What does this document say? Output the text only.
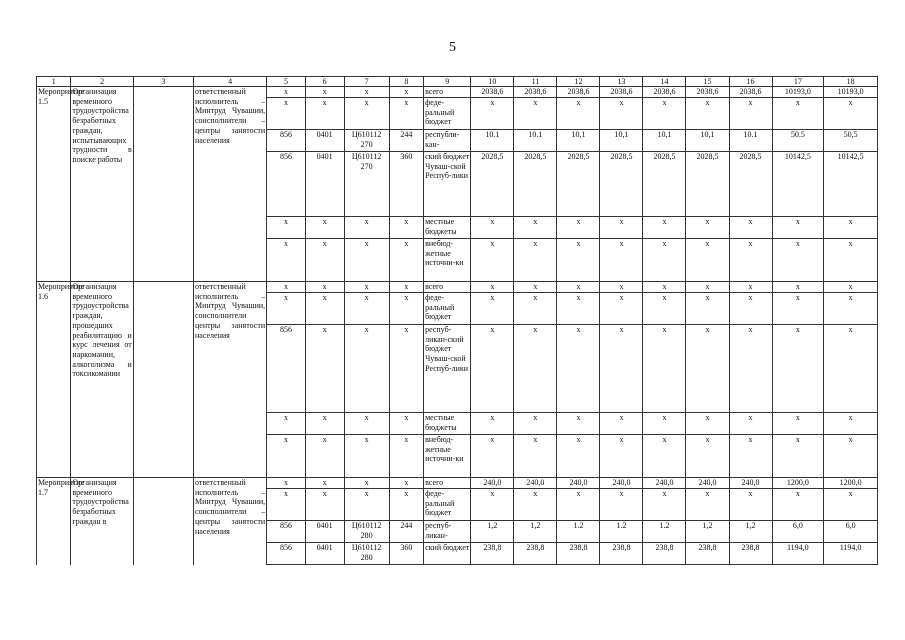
5
1	2	3	4	5	6	7	8	9	10	11	12	13	14	15	16	17	18
Мероприятие 1.5	Организация временного трудоустройства безработных граждан, испытывающих трудности в поиске работы		ответственный исполнитель – Минтруд Чувашии, соисполнители – центры занятости населения	x	x	x	x	всего	2038,6	2038,6	2038,6	2038,6	2038,6	2038,6	2038,6	10193,0	10193,0
				x	x	x	x	феде-ральный бюджет	x	x	x	x	x	x	x	x	x
				856	0401	Ц610112 270	244	республи-кан-	10.1	10.1	10,1	10,1	10,1	10,1	10.1	50.5	50,5
				856	0401	Ц610112 270	360	ский бюджет Чуваш-ской Респуб-лики	2028,5	2028,5	2028,5	2028,5	2028,5	2028,5	2028,5	10142,5	10142,5
				x	x	x	x	местные бюджеты	x	x	x	x	x	x	x	x	x
				x	x	x	x	внебюд-жетные источни-ки	x	x	x	x	x	x	x	x	x
Мероприятие 1.6	Организация временного трудоустройства граждан, прошедших реабилитацию и курс лечения от наркомании, алкоголизма и токсикомании		ответственный исполнитель – Минтруд Чувашии, соисполнители центры занятости населения	x	x	x	x	всего	x	x	x	x	x	x	x	x	x
				x	x	x	x	феде-ральный бюджет	x	x	x	x	x	x	x	x	x
				856	x	x	x	респуб-ликан-ский бюджет Чуваш-ской Респуб-лики	x	x	x	x	x	x	x	x	x
				x	x	x	x	местные бюджеты	x	x	x	x	x	x	x	x	x
				x	x	x	x	внебюд-жетные источни-ки	x	x	x	x	x	x	x	x	x
Мероприятие 1.7	Организация временного трудоустройства безработных граждан в		ответственный исполнитель – Минтруд Чувашии, соисполнители – центры занятости населения	x	x	x	x	всего	240,0	240,0	240,0	240,0	240,0	240,0	240,0	1200,0	1200,0
				x	x	x	x	феде-ральный бюджет	x	x	x	x	x	x	x	x	x
				856	0401	Ц610112 280	244	респуб-ликан-	1,2	1,2	1.2	1.2	1.2	1,2	1,2	6,0	6,0
				856	0401	Ц610112 280	360	ский бюджет	238,8	238,8	238,8	238,8	238,8	238,8	238,8	1194,0	1194,0
